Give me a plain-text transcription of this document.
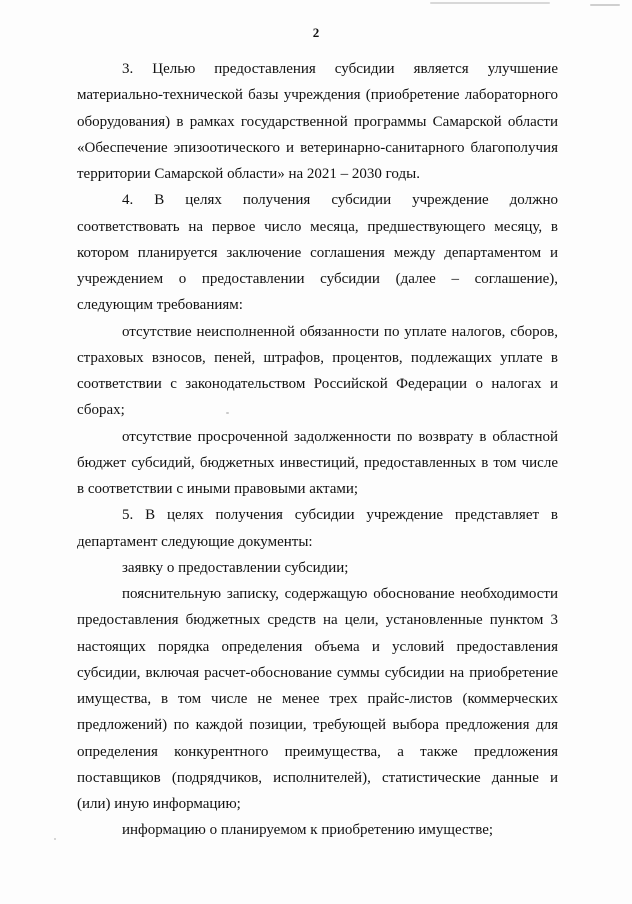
2

3. Целью предоставления субсидии является улучшение материально-технической базы учреждения (приобретение лабораторного оборудования) в рамках государственной программы Самарской области «Обеспечение эпизоотического и ветеринарно-санитарного благополучия территории Самарской области» на 2021 – 2030 годы.

4. В целях получения субсидии учреждение должно соответствовать на первое число месяца, предшествующего месяцу, в котором планируется заключение соглашения между департаментом и учреждением о предоставлении субсидии (далее – соглашение), следующим требованиям:

отсутствие неисполненной обязанности по уплате налогов, сборов, страховых взносов, пеней, штрафов, процентов, подлежащих уплате в соответствии с законодательством Российской Федерации о налогах и сборах;

отсутствие просроченной задолженности по возврату в областной бюджет субсидий, бюджетных инвестиций, предоставленных в том числе в соответствии с иными правовыми актами;

5. В целях получения субсидии учреждение представляет в департамент следующие документы:

заявку о предоставлении субсидии;

пояснительную записку, содержащую обоснование необходимости предоставления бюджетных средств на цели, установленные пунктом 3 настоящих порядка определения объема и условий предоставления субсидии, включая расчет-обоснование суммы субсидии на приобретение имущества, в том числе не менее трех прайс-листов (коммерческих предложений) по каждой позиции, требующей выбора предложения для определения конкурентного преимущества, а также предложения поставщиков (подрядчиков, исполнителей), статистические данные и (или) иную информацию;

информацию о планируемом к приобретению имуществе;
